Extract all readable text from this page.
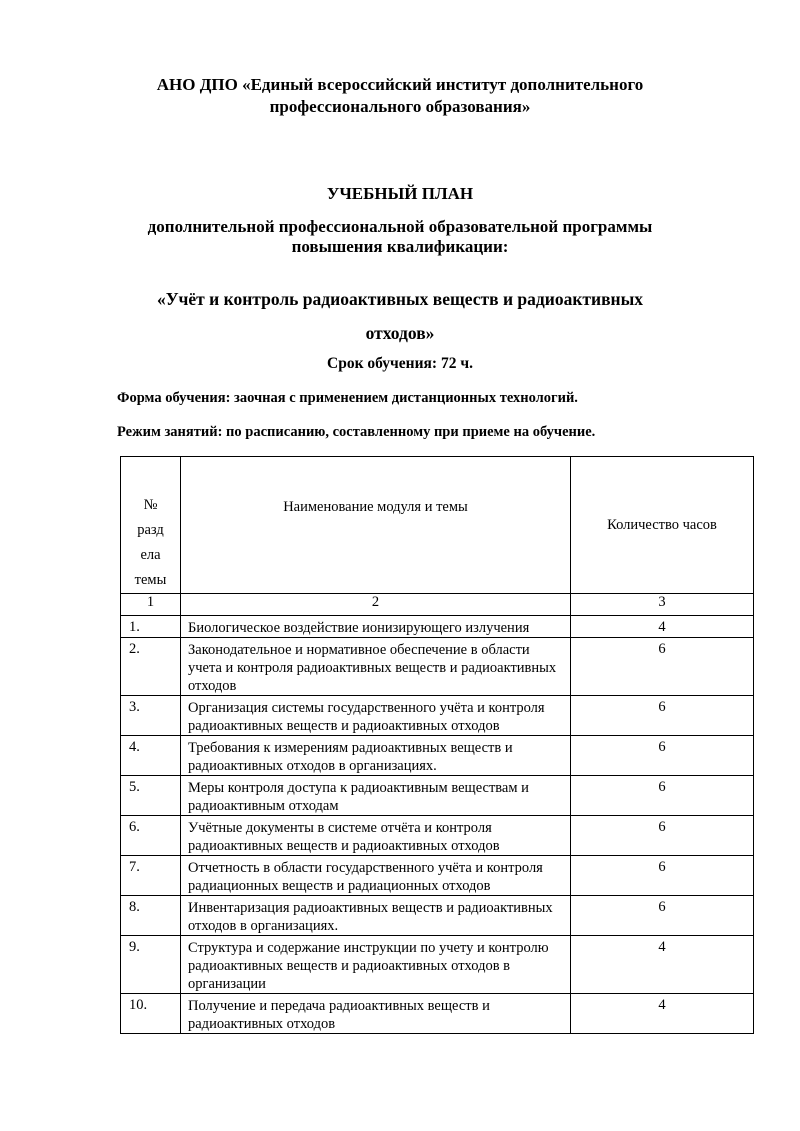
АНО ДПО «Единый всероссийский институт дополнительного
профессионального образования»
УЧЕБНЫЙ ПЛАН
дополнительной профессиональной образовательной программы
повышения квалификации:
«Учёт и контроль радиоактивных веществ и радиоактивных
отходов»
Срок обучения: 72 ч.
Форма обучения: заочная с применением дистанционных технологий.
Режим занятий: по расписанию, составленному при приеме на обучение.
№
разд
ела
темы	Наименование модуля и темы	Количество часов
1	2	3
1.	Биологическое воздействие ионизирующего излучения	4
2.	Законодательное и нормативное обеспечение в области учета и контроля радиоактивных веществ и радиоактивных отходов	6
3.	Организация системы государственного учёта и контроля радиоактивных веществ и радиоактивных отходов	6
4.	Требования к измерениям радиоактивных веществ и радиоактивных отходов в организациях.	6
5.	Меры контроля доступа к радиоактивным веществам и радиоактивным отходам	6
6.	Учётные документы в системе отчёта и контроля радиоактивных веществ и радиоактивных отходов	6
7.	Отчетность в области государственного учёта и контроля радиационных веществ и радиационных отходов	6
8.	Инвентаризация радиоактивных веществ и радиоактивных отходов в организациях.	6
9.	Структура и содержание инструкции по учету и контролю радиоактивных веществ и радиоактивных отходов в организации	4
10.	Получение и передача радиоактивных веществ и радиоактивных отходов	4
